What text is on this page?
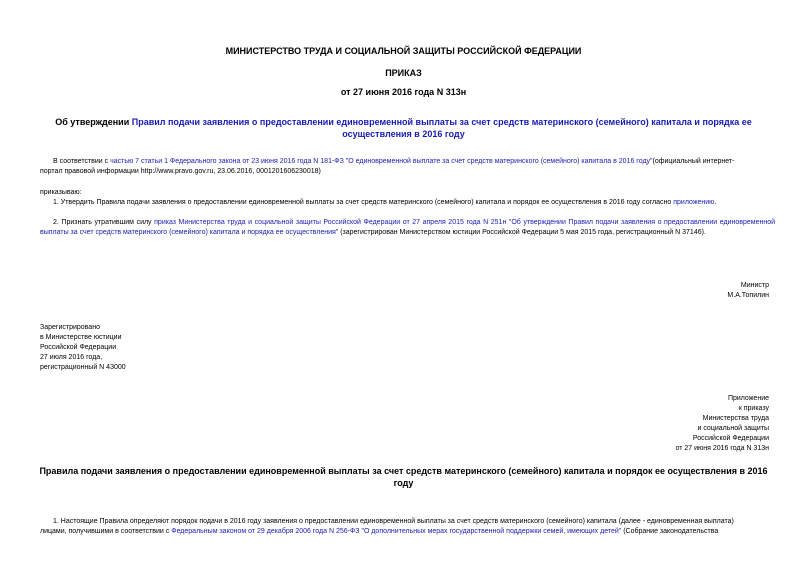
МИНИСТЕРСТВО ТРУДА И СОЦИАЛЬНОЙ ЗАЩИТЫ РОССИЙСКОЙ ФЕДЕРАЦИИ
ПРИКАЗ
от 27 июня 2016 года N 313н
Об утверждении Правил подачи заявления о предоставлении единовременной выплаты за счет средств материнского (семейного) капитала и порядка ее
осуществления в 2016 году
В соответствии с частью 7 статьи 1 Федерального закона от 23 июня 2016 года N 181-ФЗ "О единовременной выплате за счет средств материнского (семейного) капитала в 2016 году"(официальный интернет-
портал правовой информации http://www.pravo.gov.ru, 23.06.2016, 0001201606230018)
приказываю:
1. Утвердить Правила подачи заявления о предоставлении единовременной выплаты за счет средств материнского (семейного) капитала и порядок ее осуществления в 2016 году согласно приложению.
2. Признать утратившим силу приказ Министерства труда и социальной защиты Российской Федерации от 27 апреля 2015 года N 251н "Об утверждении Правил подачи заявления о предоставлении единовременной выплаты за счет средств материнского (семейного) капитала и порядка ее осуществления" (зарегистрирован Министерством юстиции Российской Федерации 5 мая 2015 года, регистрационный N 37146).
Министр
М.А.Топилин
Зарегистрировано
в Министерстве юстиции
Российской Федерации
27 июля 2016 года,
регистрационный N 43000
Приложение
к приказу
Министерства труда
и социальной защиты
Российской Федерации
от 27 июня 2016 года N 313н
Правила подачи заявления о предоставлении единовременной выплаты за счет средств материнского (семейного) капитала и порядок ее осуществления в 2016
году
1. Настоящие Правила определяют порядок подачи в 2016 году заявления о предоставлении единовременной выплаты за счет средств материнского (семейного) капитала (далее - единовременная выплата)
лицами, получившими в соответствии с Федеральным законом от 29 декабря 2006 года N 256-ФЗ "О дополнительных мерах государственной поддержки семей, имеющих детей" (Собрание законодательства
